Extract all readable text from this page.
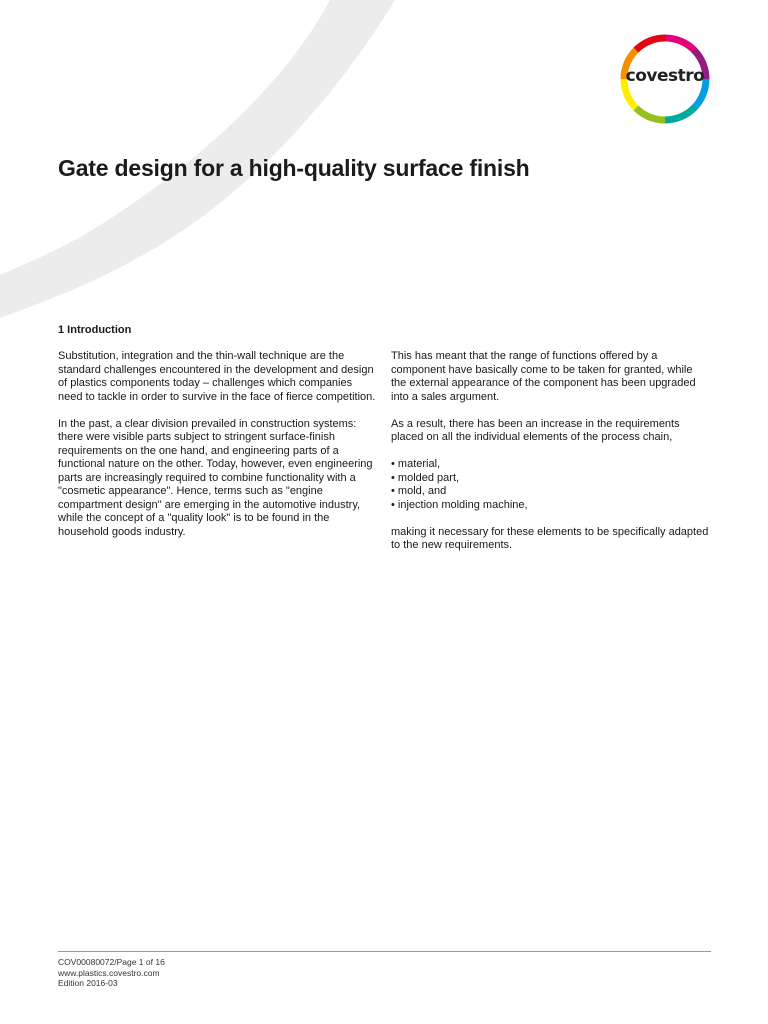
covestro
Gate design for a high-quality surface finish
1 Introduction

Substitution, integration and the thin-wall technique are the standard challenges encountered in the development and design of plastics components today – challenges which companies need to tackle in order to survive in the face of fierce competition.

In the past, a clear division prevailed in construction systems: there were visible parts subject to stringent surface-finish requirements on the one hand, and engineering parts of a functional nature on the other. Today, however, even engineering parts are increasingly required to combine functionality with a "cosmetic appearance". Hence, terms such as "engine compartment design" are emerging in the automotive industry, while the concept of a "quality look" is to be found in the household goods industry.

This has meant that the range of functions offered by a component have basically come to be taken for granted, while the external appearance of the component has been upgraded into a sales argument.

As a result, there has been an increase in the requirements placed on all the individual elements of the process chain,

• material,
• molded part,
• mold, and
• injection molding machine,

making it necessary for these elements to be specifically adapted to the new requirements.

COV00080072/Page 1 of 16
www.plastics.covestro.com
Edition 2016-03
